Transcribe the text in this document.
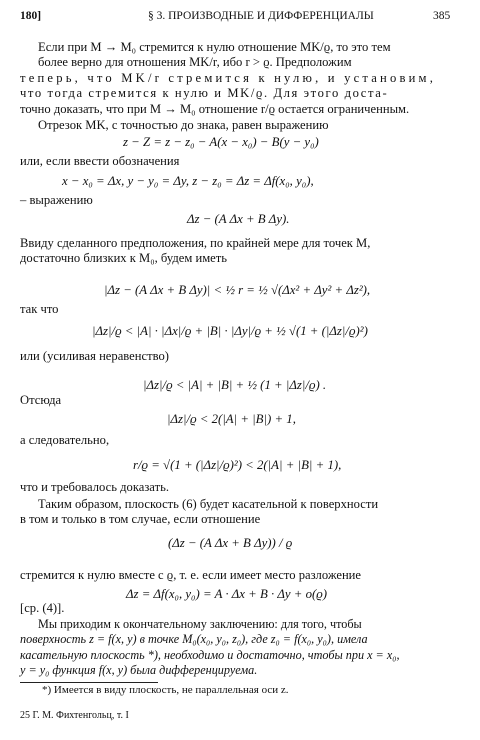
180]	§ 3. ПРОИЗВОДНЫЕ И ДИФФЕРЕНЦИАЛЫ	385
Если при M → M₀ стремится к нулю отношение MK/ϱ, то это тем
более верно для отношения MK/r, ибо r > ϱ. Предположим
теперь, что MK/r стремится к нулю, и установим,
что тогда стремится к нулю и MK/ϱ. Для этого доста-
точно доказать, что при M → M₀ отношение r/ϱ остается ограниченным.
Отрезок MK, с точностью до знака, равен выражению
z − Z = z − z₀ − A(x − x₀) − B(y − y₀)
или, если ввести обозначения
x − x₀ = Δx, y − y₀ = Δy, z − z₀ = Δz = Δf(x₀, y₀),
– выражению
Δz − (A Δx + B Δy).
Ввиду сделанного предположения, по крайней мере для точек M,
достаточно близких к M₀, будем иметь
|Δz − (A Δx + B Δy)| < ½ r = ½ √(Δx² + Δy² + Δz²),
так что
|Δz|/ϱ < |A| · |Δx|/ϱ + |B| · |Δy|/ϱ + ½ √(1 + (|Δz|/ϱ)²)
или (усиливая неравенство)
|Δz|/ϱ < |A| + |B| + ½ (1 + |Δz|/ϱ) .
Отсюда
|Δz|/ϱ < 2(|A| + |B|) + 1,
а следовательно,
r/ϱ = √(1 + (|Δz|/ϱ)²) < 2(|A| + |B| + 1),
что и требовалось доказать.
Таким образом, плоскость (6) будет касательной к поверхности
в том и только в том случае, если отношение
(Δz − (A Δx + B Δy)) / ϱ
стремится к нулю вместе с ϱ, т. е. если имеет место разложение
Δz = Δf(x₀, y₀) = A · Δx + B · Δy + o(ϱ)
[ср. (4)].
Мы приходим к окончательному заключению: для того, чтобы
поверхность z = f(x, y) в точке M₀(x₀, y₀, z₀), где z₀ = f(x₀, y₀), имела
касательную плоскость *), необходимо и достаточно, чтобы при x = x₀,
y = y₀ функция f(x, y) была дифференцируема.
*) Имеется в виду плоскость, не параллельная оси z.
25 Г. М. Фихтенгольц, т. I
